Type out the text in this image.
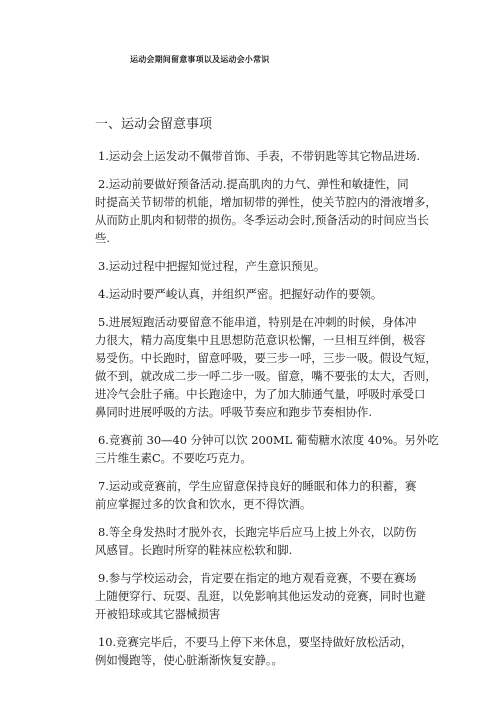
运动会期间留意事项以及运动会小常识
一、运动会留意事项
1.运动会上运发动不佩带首饰、手表，不带钥匙等其它物品进场.
2.运动前要做好预备活动.提高肌肉的力气、弹性和敏捷性，同
时提高关节韧带的机能，增加韧带的弹性，使关节腔内的滑液增多，
从而防止肌肉和韧带的损伤。冬季运动会时,预备活动的时间应当长
些.
3.运动过程中把握知觉过程，产生意识预见。
4.运动时要严峻认真，并组织严密。把握好动作的要领。
5.进展短跑活动要留意不能串道，特别是在冲刺的时候，身体冲
力很大，精力高度集中且思想防范意识松懈，一旦相互绊倒，极容
易受伤。中长跑时，留意呼吸，要三步一呼，三步一吸。假设气短，
做不到，就改成二步一呼二步一吸。留意，嘴不要张的太大，否则，
进冷气会肚子痛。中长跑途中，为了加大肺通气量，呼吸时承受口
鼻同时进展呼吸的方法。呼吸节奏应和跑步节奏相协作.
6.竞赛前 30—40 分钟可以饮 200ML 葡萄糖水浓度 40%。另外吃
三片维生素C。不要吃巧克力。
7.运动或竞赛前，学生应留意保持良好的睡眠和体力的积蓄，赛
前应掌握过多的饮食和饮水，更不得饮酒。
8.等全身发热时才脱外衣，长跑完毕后应马上披上外衣，以防伤
风感冒。长跑时所穿的鞋袜应松软和脚.
9.参与学校运动会，肯定要在指定的地方观看竞赛，不要在赛场
上随便穿行、玩耍、乱逛，以免影响其他运发动的竞赛，同时也避
开被铅球或其它器械损害
10.竞赛完毕后，不要马上停下来休息，要坚持做好放松活动，
例如慢跑等，使心脏渐渐恢复安静。。
